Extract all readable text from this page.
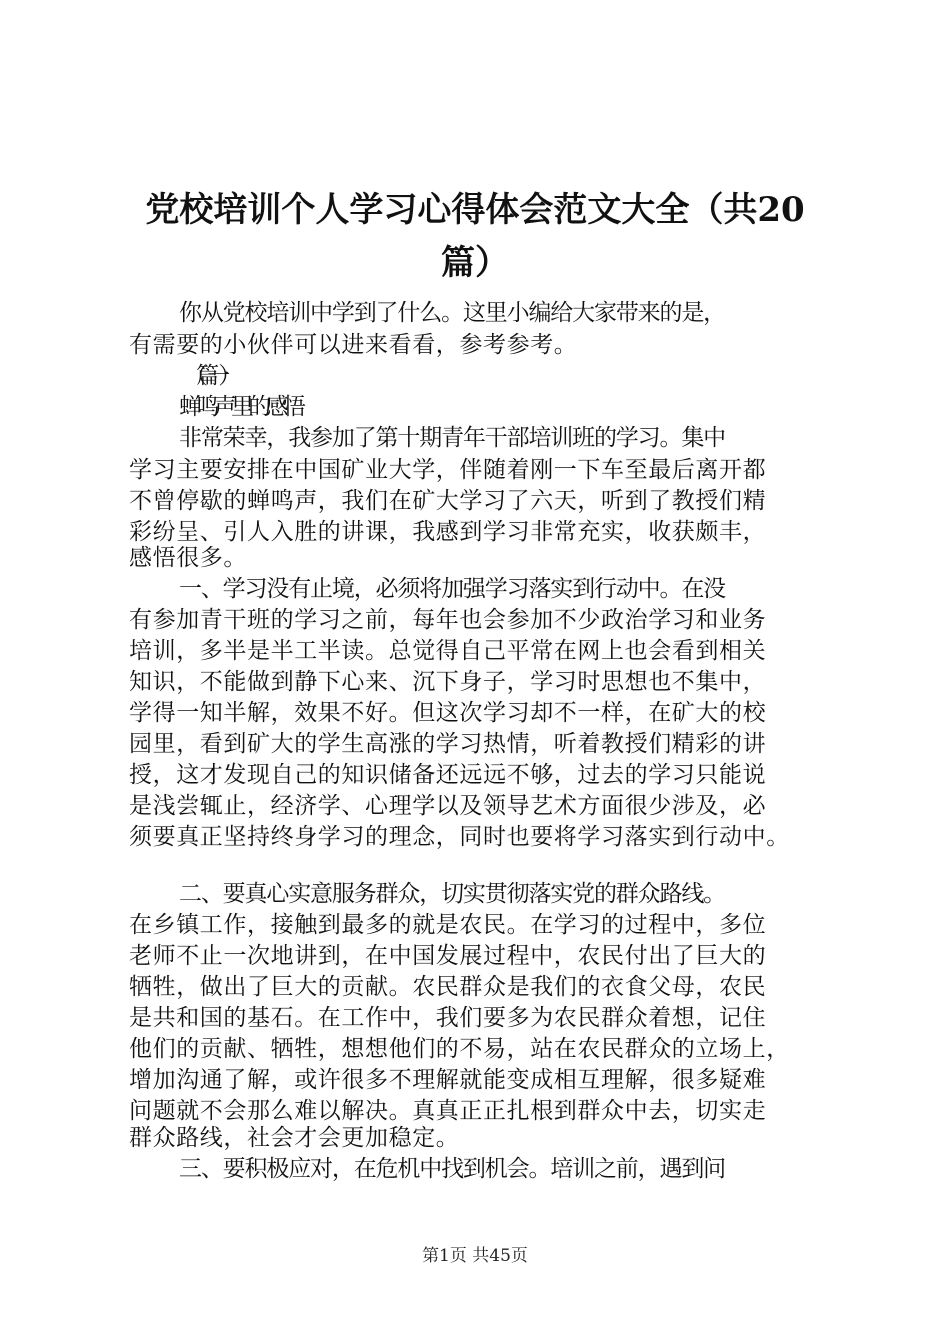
党校培训个人学习心得体会范文大全（共20
篇）
你从党校培训中学到了什么。这里小编给大家带来的是，
有需要的小伙伴可以进来看看，参考参考。
（篇一）
蝉鸣声里的感悟
非常荣幸，我参加了第十期青年干部培训班的学习。集中
学习主要安排在中国矿业大学，伴随着刚一下车至最后离开都
不曾停歇的蝉鸣声，我们在矿大学习了六天，听到了教授们精
彩纷呈、引人入胜的讲课，我感到学习非常充实，收获颇丰，
感悟很多。
一、学习没有止境，必须将加强学习落实到行动中。在没
有参加青干班的学习之前，每年也会参加不少政治学习和业务
培训，多半是半工半读。总觉得自己平常在网上也会看到相关
知识，不能做到静下心来、沉下身子，学习时思想也不集中，
学得一知半解，效果不好。但这次学习却不一样，在矿大的校
园里，看到矿大的学生高涨的学习热情，听着教授们精彩的讲
授，这才发现自己的知识储备还远远不够，过去的学习只能说
是浅尝辄止，经济学、心理学以及领导艺术方面很少涉及，必
须要真正坚持终身学习的理念，同时也要将学习落实到行动中。
二、要真心实意服务群众，切实贯彻落实党的群众路线。
在乡镇工作，接触到最多的就是农民。在学习的过程中，多位
老师不止一次地讲到，在中国发展过程中，农民付出了巨大的
牺牲，做出了巨大的贡献。农民群众是我们的衣食父母，农民
是共和国的基石。在工作中，我们要多为农民群众着想，记住
他们的贡献、牺牲，想想他们的不易，站在农民群众的立场上，
增加沟通了解，或许很多不理解就能变成相互理解，很多疑难
问题就不会那么难以解决。真真正正扎根到群众中去，切实走
群众路线，社会才会更加稳定。
三、要积极应对，在危机中找到机会。培训之前，遇到问
第1页 共45页
